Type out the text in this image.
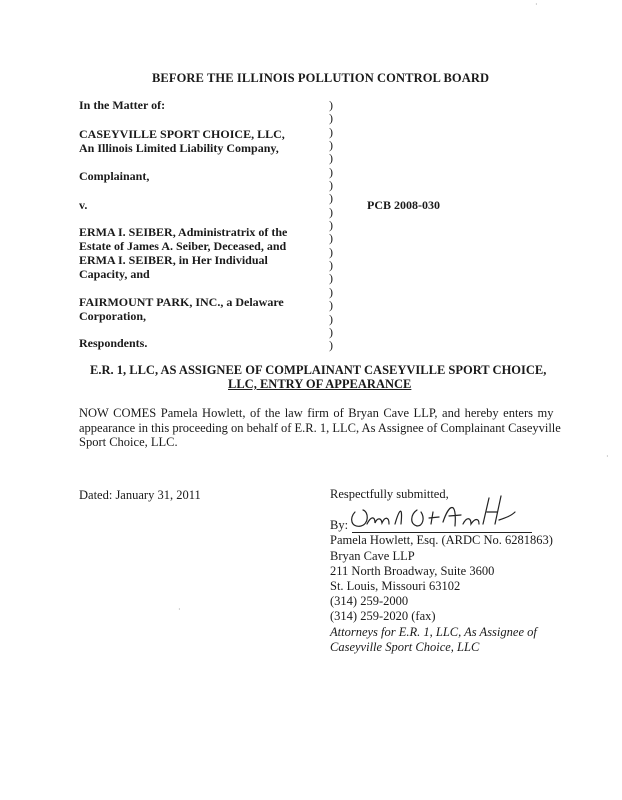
BEFORE THE ILLINOIS POLLUTION CONTROL BOARD
In the Matter of:
CASEYVILLE SPORT CHOICE, LLC,
An Illinois Limited Liability Company,
Complainant,
v.
ERMA I. SEIBER, Administratrix of the
Estate of James A. Seiber, Deceased, and
ERMA I. SEIBER, in Her Individual
Capacity, and
FAIRMOUNT PARK, INC., a Delaware
Corporation,
Respondents.
)
)
)
)
)
)
)
)
)
)
)
)
)
)
)
)
)
)
)
PCB 2008-030
E.R. 1, LLC, AS ASSIGNEE OF COMPLAINANT CASEYVILLE SPORT CHOICE,
LLC, ENTRY OF APPEARANCE
NOW COMES Pamela Howlett, of the law firm of Bryan Cave LLP, and hereby enters my
appearance in this proceeding on behalf of E.R. 1, LLC, As Assignee of Complainant Caseyville
Sport Choice, LLC.
Dated: January 31, 2011	Respectfully submitted,
By:
Pamela Howlett, Esq. (ARDC No. 6281863)
Bryan Cave LLP
211 North Broadway, Suite 3600
St. Louis, Missouri 63102
(314) 259-2000
(314) 259-2020 (fax)
Attorneys for E.R. 1, LLC, As Assignee of
Caseyville Sport Choice, LLC
·
·
·
